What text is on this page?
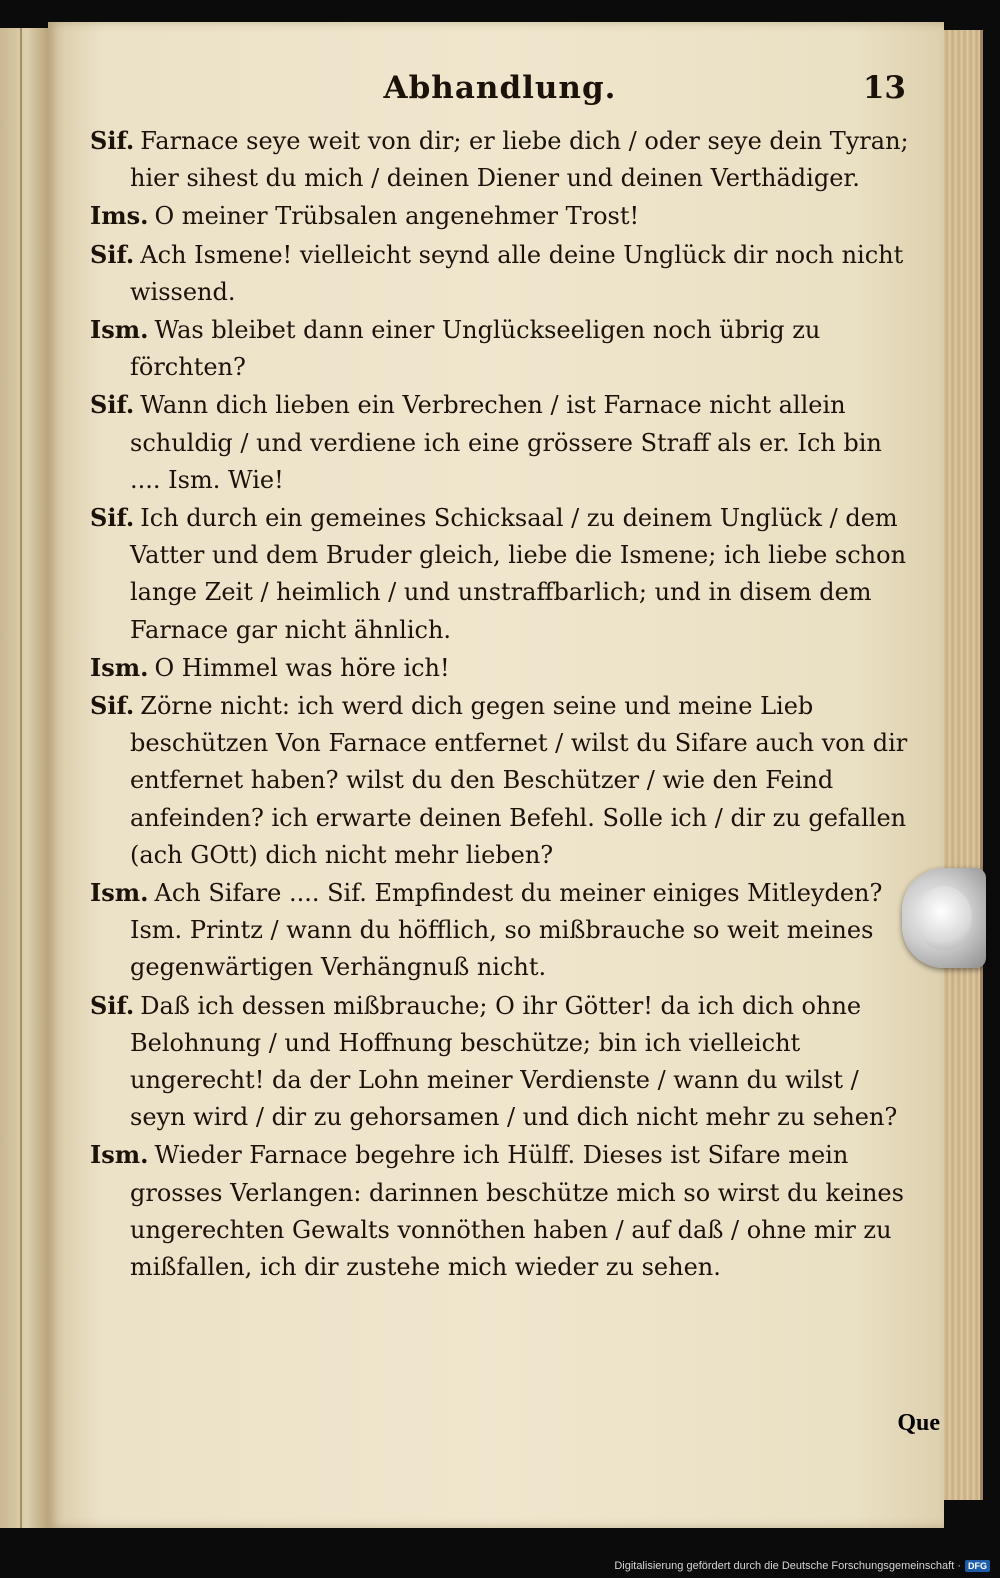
Abhandlung.	13

Sif. Farnace seye weit von dir; er liebe dich / oder seye dein Tyran; hier sihest du mich / deinen Diener und deinen Verthädiger.

Ims. O meiner Trübsalen angenehmer Trost!

Sif. Ach Ismene! vielleicht seynd alle deine Unglück dir noch nicht wissend.

Ism. Was bleibet dann einer Unglückseeligen noch übrig zu förchten?

Sif. Wann dich lieben ein Verbrechen / ist Farnace nicht allein schuldig / und verdiene ich eine grössere Straff als er. Ich bin .... Ism. Wie!

Sif. Ich durch ein gemeines Schicksaal / zu deinem Unglück / dem Vatter und dem Bruder gleich, liebe die Ismene; ich liebe schon lange Zeit / heimlich / und unstraffbarlich; und in disem dem Farnace gar nicht ähnlich.

Ism. O Himmel was höre ich!

Sif. Zörne nicht: ich werd dich gegen seine und meine Lieb beschützen Von Farnace entfernet / wilst du Sifare auch von dir entfernet haben? wilst du den Beschützer / wie den Feind anfeinden? ich erwarte deinen Befehl. Solle ich / dir zu gefallen (ach GOtt) dich nicht mehr lieben?

Ism. Ach Sifare .... Sif. Empfindest du meiner einiges Mitleyden? Ism. Printz / wann du höfflich, so mißbrauche so weit meines gegenwärtigen Verhängnuß nicht.

Sif. Daß ich dessen mißbrauche; O ihr Götter! da ich dich ohne Belohnung / und Hoffnung beschütze; bin ich vielleicht ungerecht! da der Lohn meiner Verdienste / wann du wilst / seyn wird / dir zu gehorsamen / und dich nicht mehr zu sehen?

Ism. Wieder Farnace begehre ich Hülff. Dieses ist Sifare mein grosses Verlangen: darinnen beschütze mich so wirst du keines ungerechten Gewalts vonnöthen haben / auf daß / ohne mir zu mißfallen, ich dir zustehe mich wieder zu sehen.

Que
Digitalisierung gefördert durch die Deutsche Forschungsgemeinschaft · DFG
